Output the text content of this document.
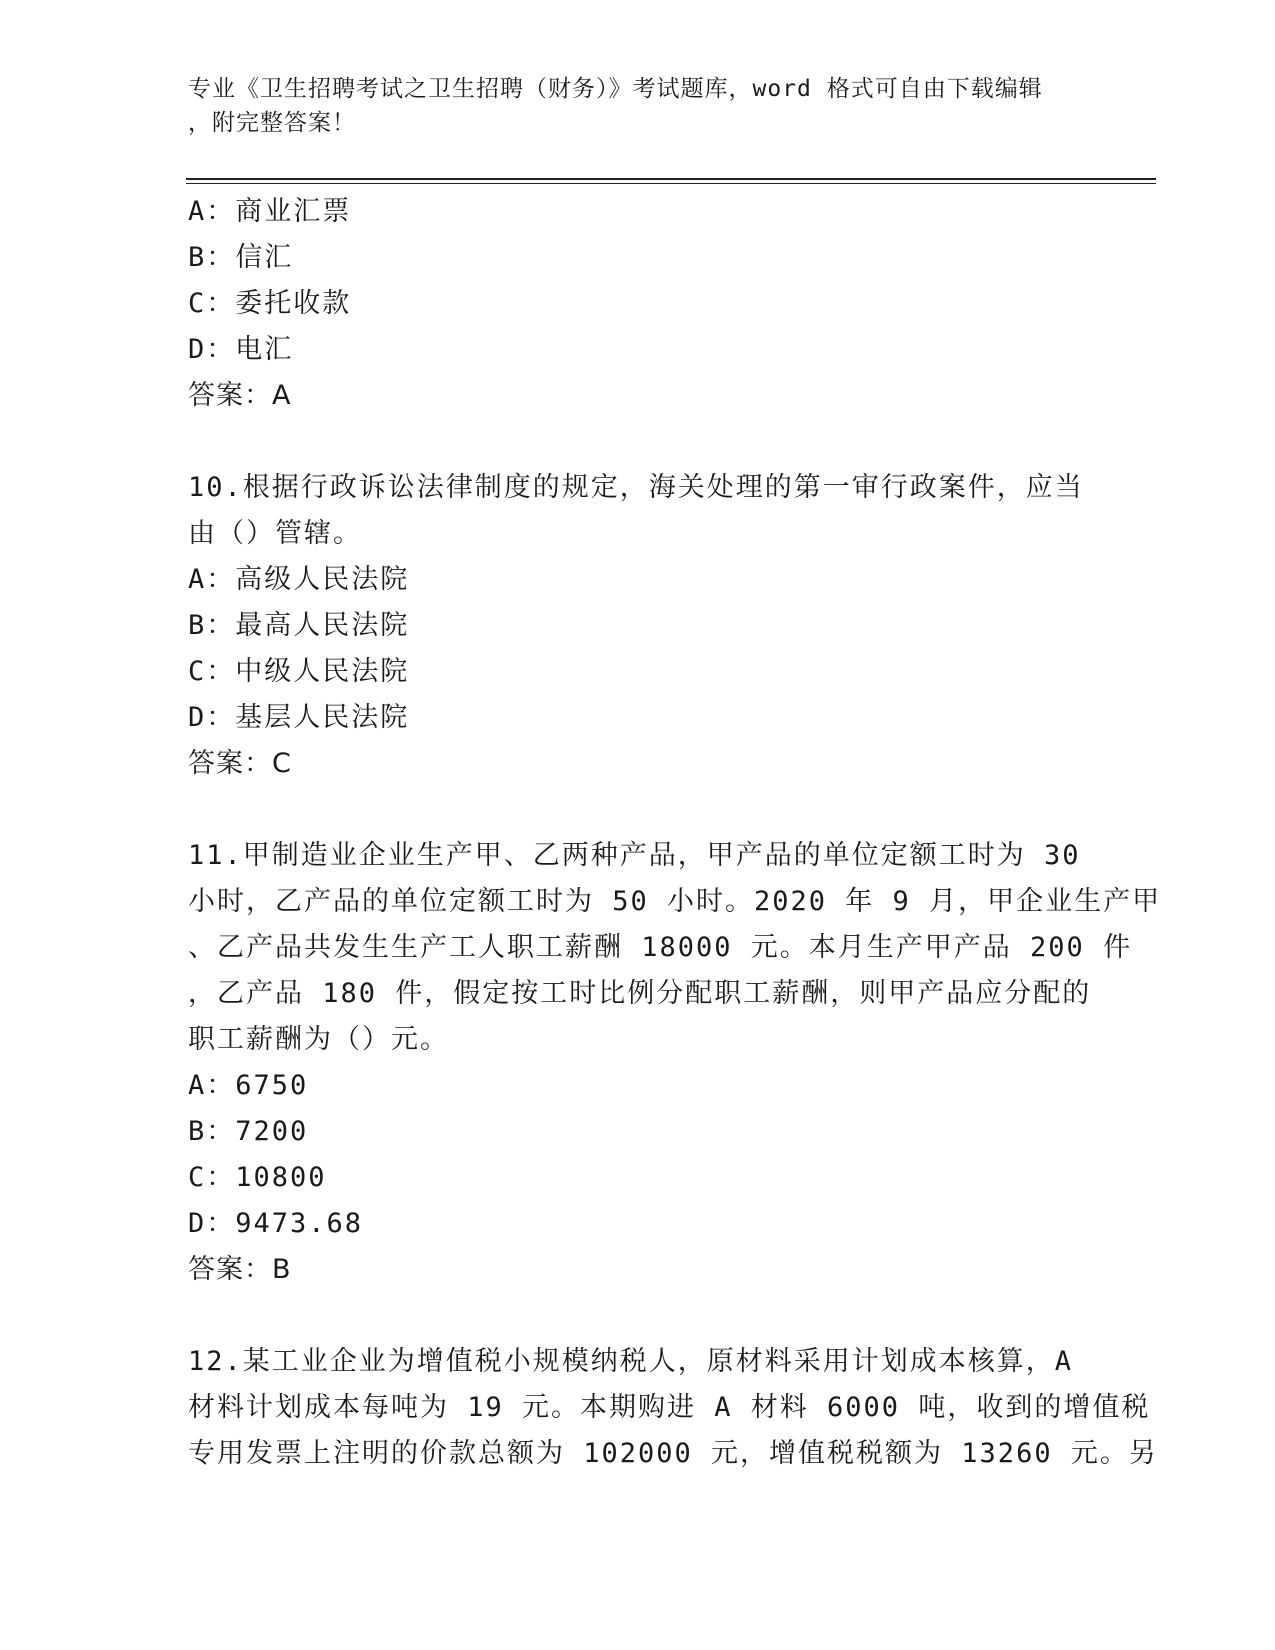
专业《卫生招聘考试之卫生招聘（财务）》考试题库，word 格式可自由下载编辑
，附完整答案！
A：商业汇票
B：信汇
C：委托收款
D：电汇
答案：A
10.根据行政诉讼法律制度的规定，海关处理的第一审行政案件，应当
由（）管辖。
A：高级人民法院
B：最高人民法院
C：中级人民法院
D：基层人民法院
答案：C
11.甲制造业企业生产甲、乙两种产品，甲产品的单位定额工时为 30
小时，乙产品的单位定额工时为 50 小时。2020 年 9 月，甲企业生产甲
、乙产品共发生生产工人职工薪酬 18000 元。本月生产甲产品 200 件
，乙产品 180 件，假定按工时比例分配职工薪酬，则甲产品应分配的
职工薪酬为（）元。
A：6750
B：7200
C：10800
D：9473.68
答案：B
12.某工业企业为增值税小规模纳税人，原材料采用计划成本核算，A
材料计划成本每吨为 19 元。本期购进 A 材料 6000 吨，收到的增值税
专用发票上注明的价款总额为 102000 元，增值税税额为 13260 元。另
